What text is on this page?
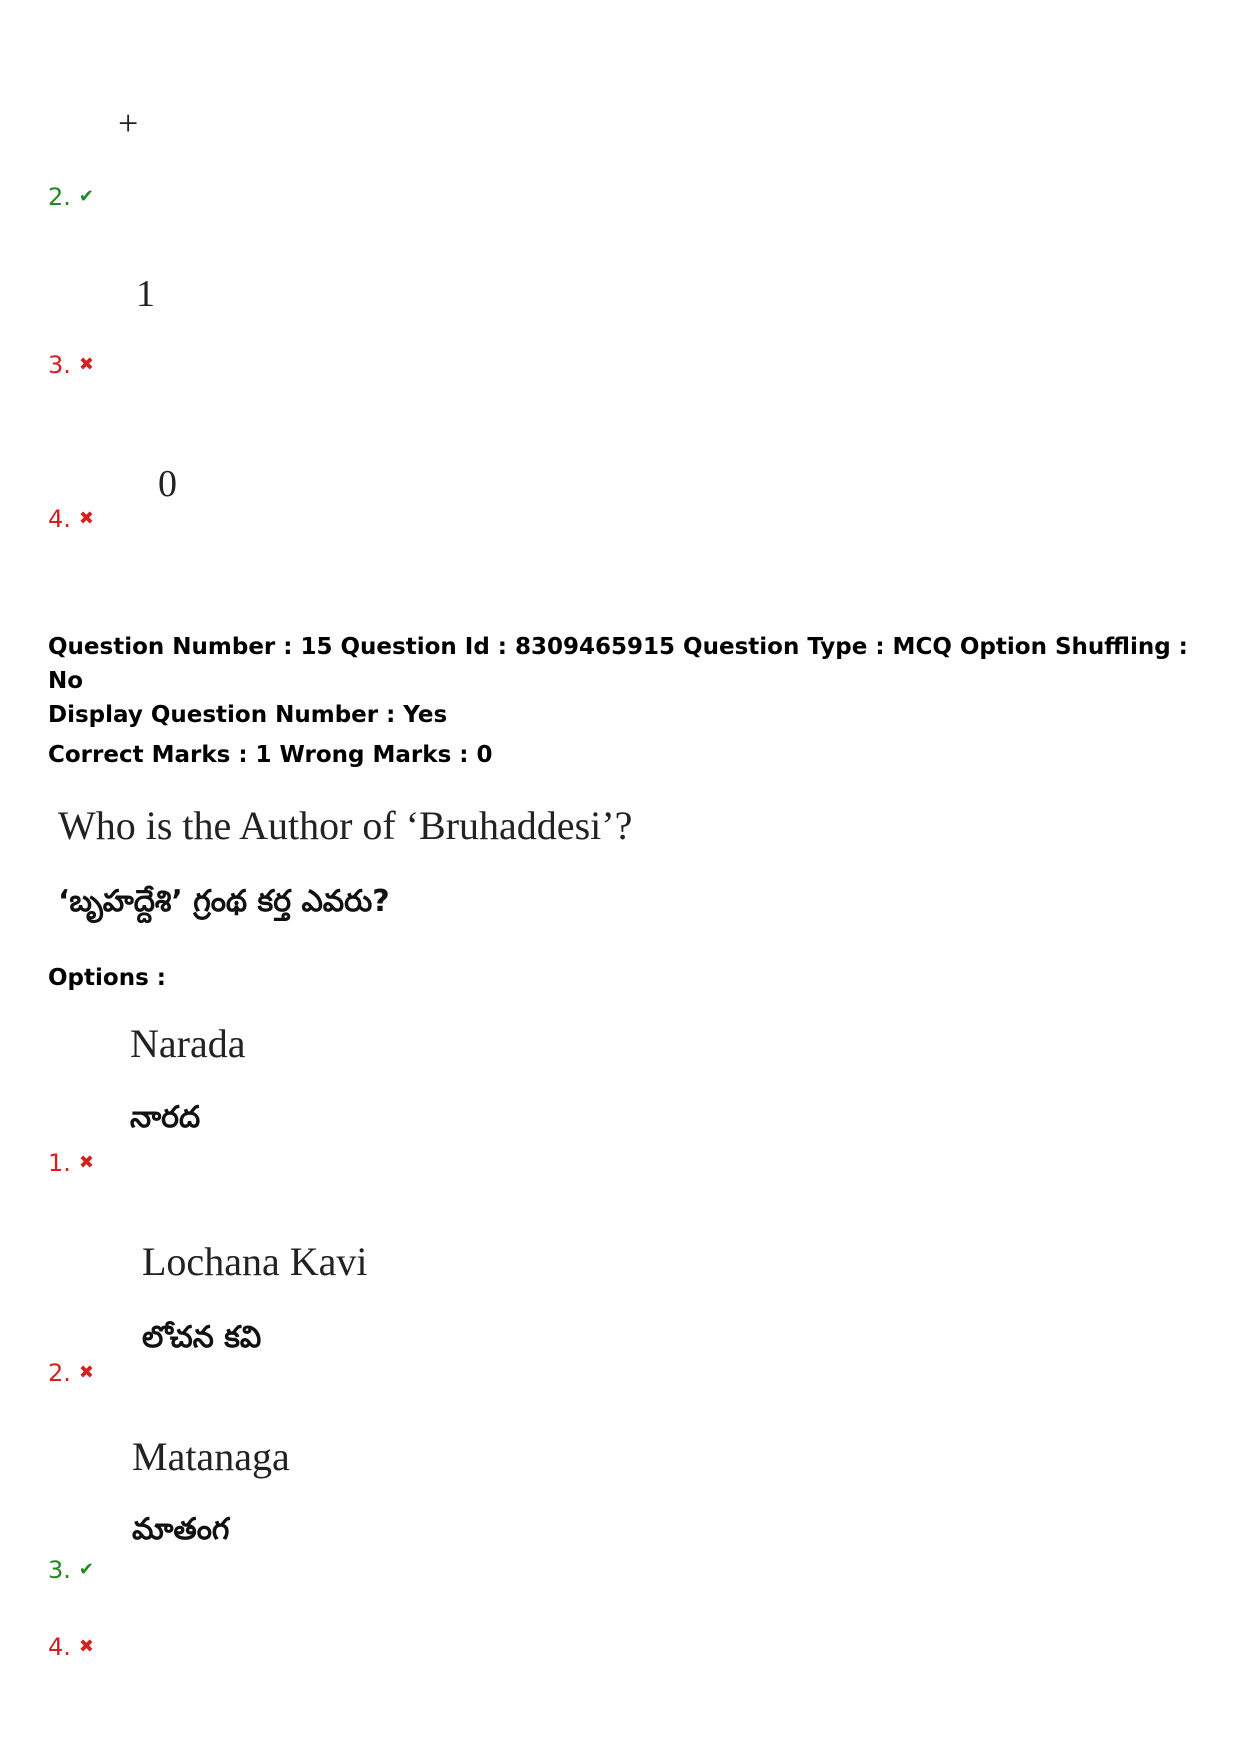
+
2. ✔
1
3. ✖
0
4. ✖
Question Number : 15 Question Id : 8309465915 Question Type : MCQ Option Shuffling : No
Display Question Number : Yes
Correct Marks : 1 Wrong Marks : 0
Who is the Author of ‘Bruhaddesi’?
‘బృహద్దేశి’ గ్రంథ కర్త ఎవరు?
Options :
Narada
నారద
1. ✖
Lochana Kavi
లోచన కవి
2. ✖
Matanaga
మాతంగ
3. ✔
4. ✖
